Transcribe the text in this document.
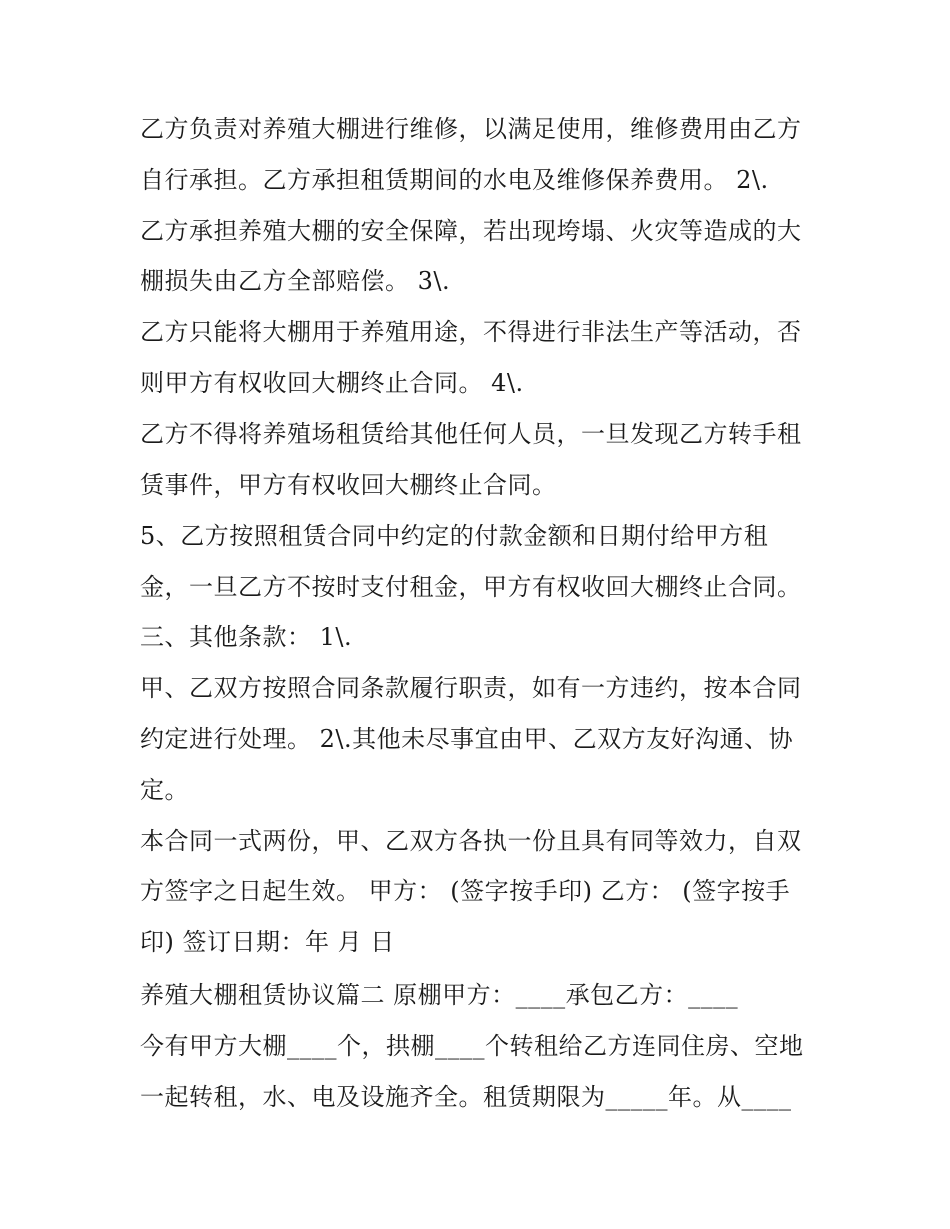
乙方负责对养殖大棚进行维修，以满足使用，维修费用由乙方
自行承担。乙方承担租赁期间的水电及维修保养费用。 2\.
乙方承担养殖大棚的安全保障，若出现垮塌、火灾等造成的大
棚损失由乙方全部赔偿。 3\.
乙方只能将大棚用于养殖用途，不得进行非法生产等活动，否
则甲方有权收回大棚终止合同。 4\.
乙方不得将养殖场租赁给其他任何人员，一旦发现乙方转手租
赁事件，甲方有权收回大棚终止合同。
5、乙方按照租赁合同中约定的付款金额和日期付给甲方租
金，一旦乙方不按时支付租金，甲方有权收回大棚终止合同。
三、其他条款： 1\.
甲、乙双方按照合同条款履行职责，如有一方违约，按本合同
约定进行处理。 2\.其他未尽事宜由甲、乙双方友好沟通、协
定。
本合同一式两份，甲、乙双方各执一份且具有同等效力，自双
方签字之日起生效。 甲方： (签字按手印) 乙方： (签字按手
印) 签订日期：年 月 日
养殖大棚租赁协议篇二 原棚甲方：____承包乙方：____
今有甲方大棚____个，拱棚____个转租给乙方连同住房、空地
一起转租，水、电及设施齐全。租赁期限为_____年。从____
